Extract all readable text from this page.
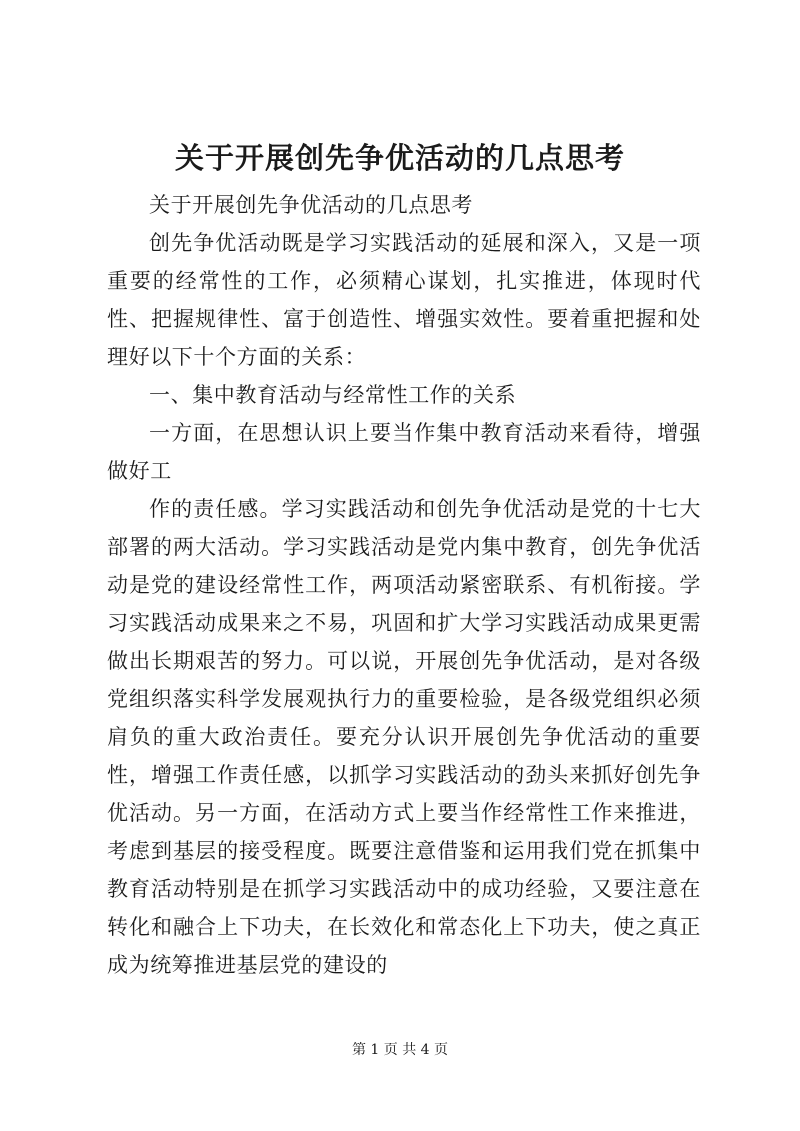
关于开展创先争优活动的几点思考

关于开展创先争优活动的几点思考

创先争优活动既是学习实践活动的延展和深入，又是一项重要的经常性的工作，必须精心谋划，扎实推进，体现时代性、把握规律性、富于创造性、增强实效性。要着重把握和处理好以下十个方面的关系：

一、集中教育活动与经常性工作的关系

一方面，在思想认识上要当作集中教育活动来看待，增强做好工

作的责任感。学习实践活动和创先争优活动是党的十七大部署的两大活动。学习实践活动是党内集中教育，创先争优活动是党的建设经常性工作，两项活动紧密联系、有机衔接。学习实践活动成果来之不易，巩固和扩大学习实践活动成果更需做出长期艰苦的努力。可以说，开展创先争优活动，是对各级党组织落实科学发展观执行力的重要检验，是各级党组织必须肩负的重大政治责任。要充分认识开展创先争优活动的重要性，增强工作责任感，以抓学习实践活动的劲头来抓好创先争优活动。另一方面，在活动方式上要当作经常性工作来推进，考虑到基层的接受程度。既要注意借鉴和运用我们党在抓集中教育活动特别是在抓学习实践活动中的成功经验，又要注意在转化和融合上下功夫，在长效化和常态化上下功夫，使之真正成为统筹推进基层党的建设的

第 1 页 共 4 页
